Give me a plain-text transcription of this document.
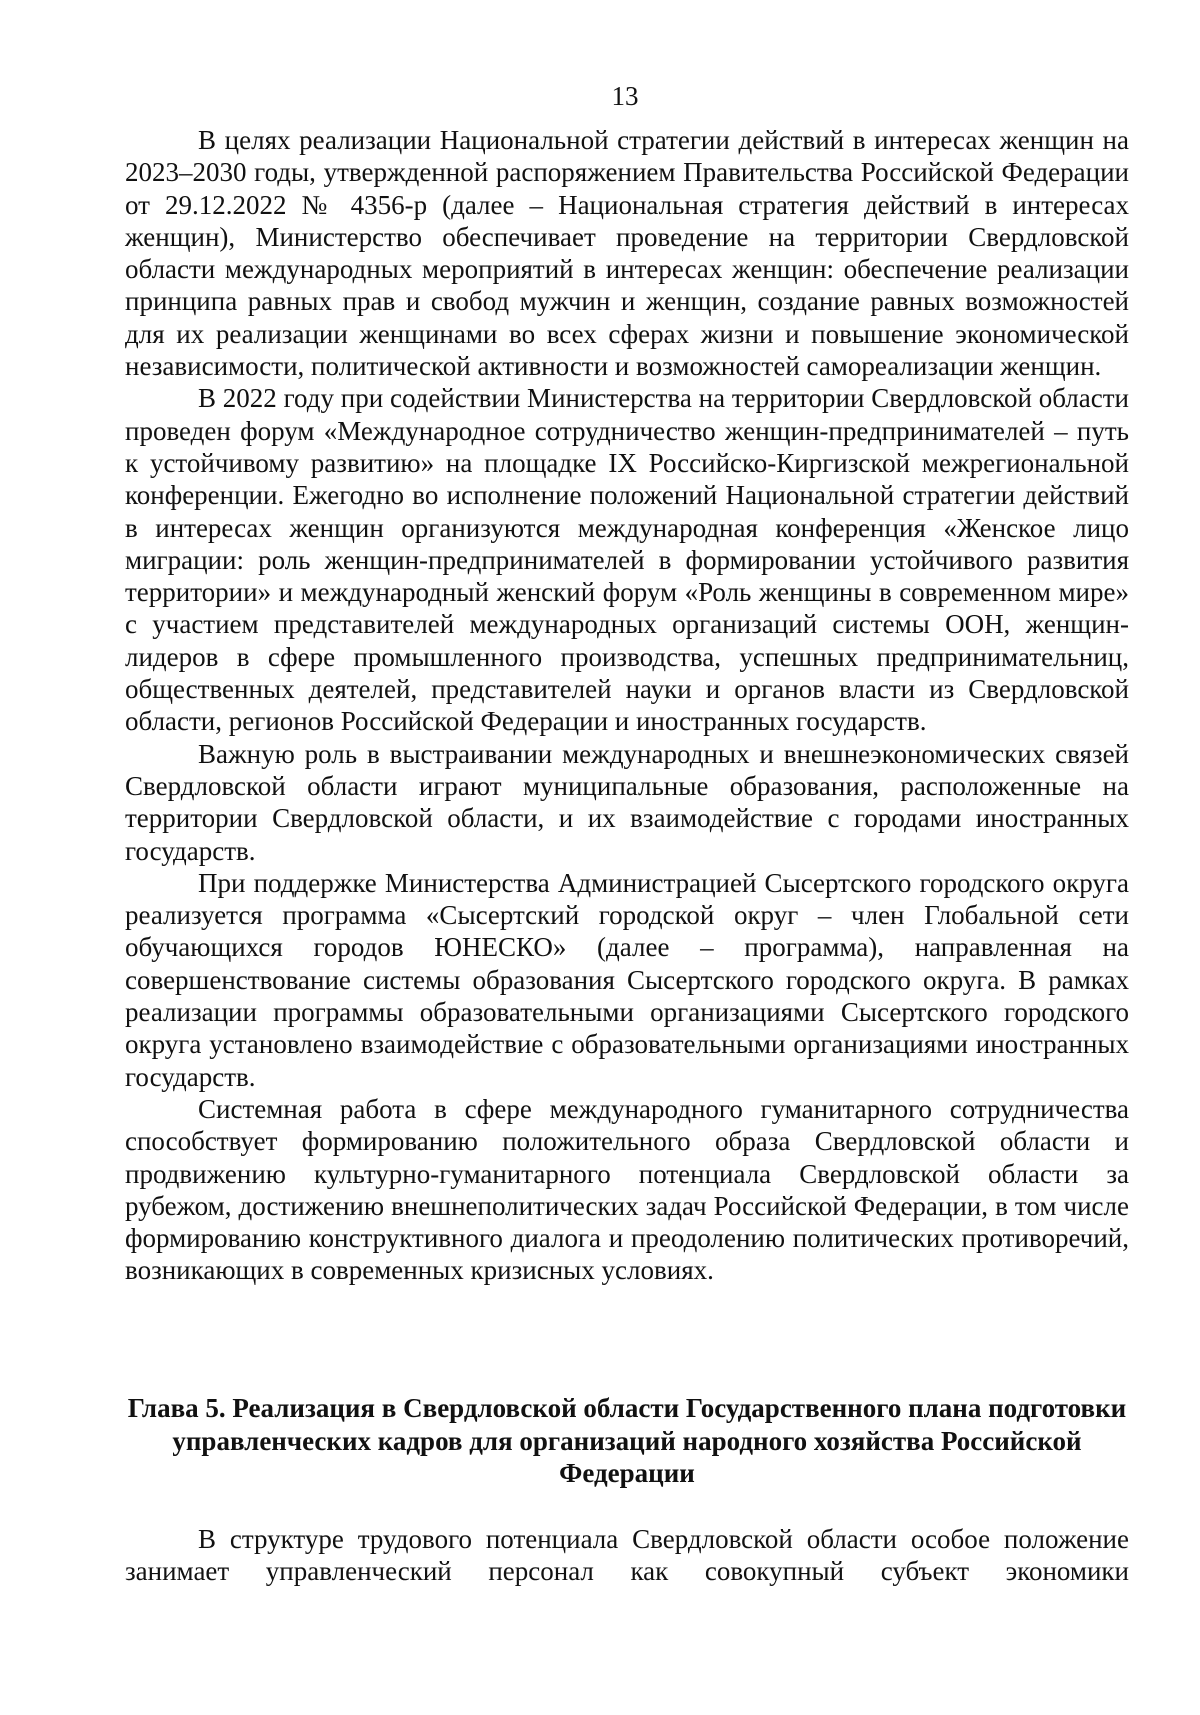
13

В целях реализации Национальной стратегии действий в интересах женщин на 2023–2030 годы, утвержденной распоряжением Правительства Российской Федерации от 29.12.2022 № 4356-р (далее – Национальная стратегия действий в интересах женщин), Министерство обеспечивает проведение на территории Свердловской области международных мероприятий в интересах женщин: обеспечение реализации принципа равных прав и свобод мужчин и женщин, создание равных возможностей для их реализации женщинами во всех сферах жизни и повышение экономической независимости, политической активности и возможностей самореализации женщин.

В 2022 году при содействии Министерства на территории Свердловской области проведен форум «Международное сотрудничество женщин-предпринимателей – путь к устойчивому развитию» на площадке IX Российско-Киргизской межрегиональной конференции. Ежегодно во исполнение положений Национальной стратегии действий в интересах женщин организуются международная конференция «Женское лицо миграции: роль женщин-предпринимателей в формировании устойчивого развития территории» и международный женский форум «Роль женщины в современном мире» с участием представителей международных организаций системы ООН, женщин-лидеров в сфере промышленного производства, успешных предпринимательниц, общественных деятелей, представителей науки и органов власти из Свердловской области, регионов Российской Федерации и иностранных государств.

Важную роль в выстраивании международных и внешнеэкономических связей Свердловской области играют муниципальные образования, расположенные на территории Свердловской области, и их взаимодействие с городами иностранных государств.

При поддержке Министерства Администрацией Сысертского городского округа реализуется программа «Сысертский городской округ – член Глобальной сети обучающихся городов ЮНЕСКО» (далее – программа), направленная на совершенствование системы образования Сысертского городского округа. В рамках реализации программы образовательными организациями Сысертского городского округа установлено взаимодействие с образовательными организациями иностранных государств.

Системная работа в сфере международного гуманитарного сотрудничества способствует формированию положительного образа Свердловской области и продвижению культурно-гуманитарного потенциала Свердловской области за рубежом, достижению внешнеполитических задач Российской Федерации, в том числе формированию конструктивного диалога и преодолению политических противоречий, возникающих в современных кризисных условиях.

Глава 5. Реализация в Свердловской области Государственного плана подготовки управленческих кадров для организаций народного хозяйства Российской Федерации

В структуре трудового потенциала Свердловской области особое положение занимает управленческий персонал как совокупный субъект экономики
